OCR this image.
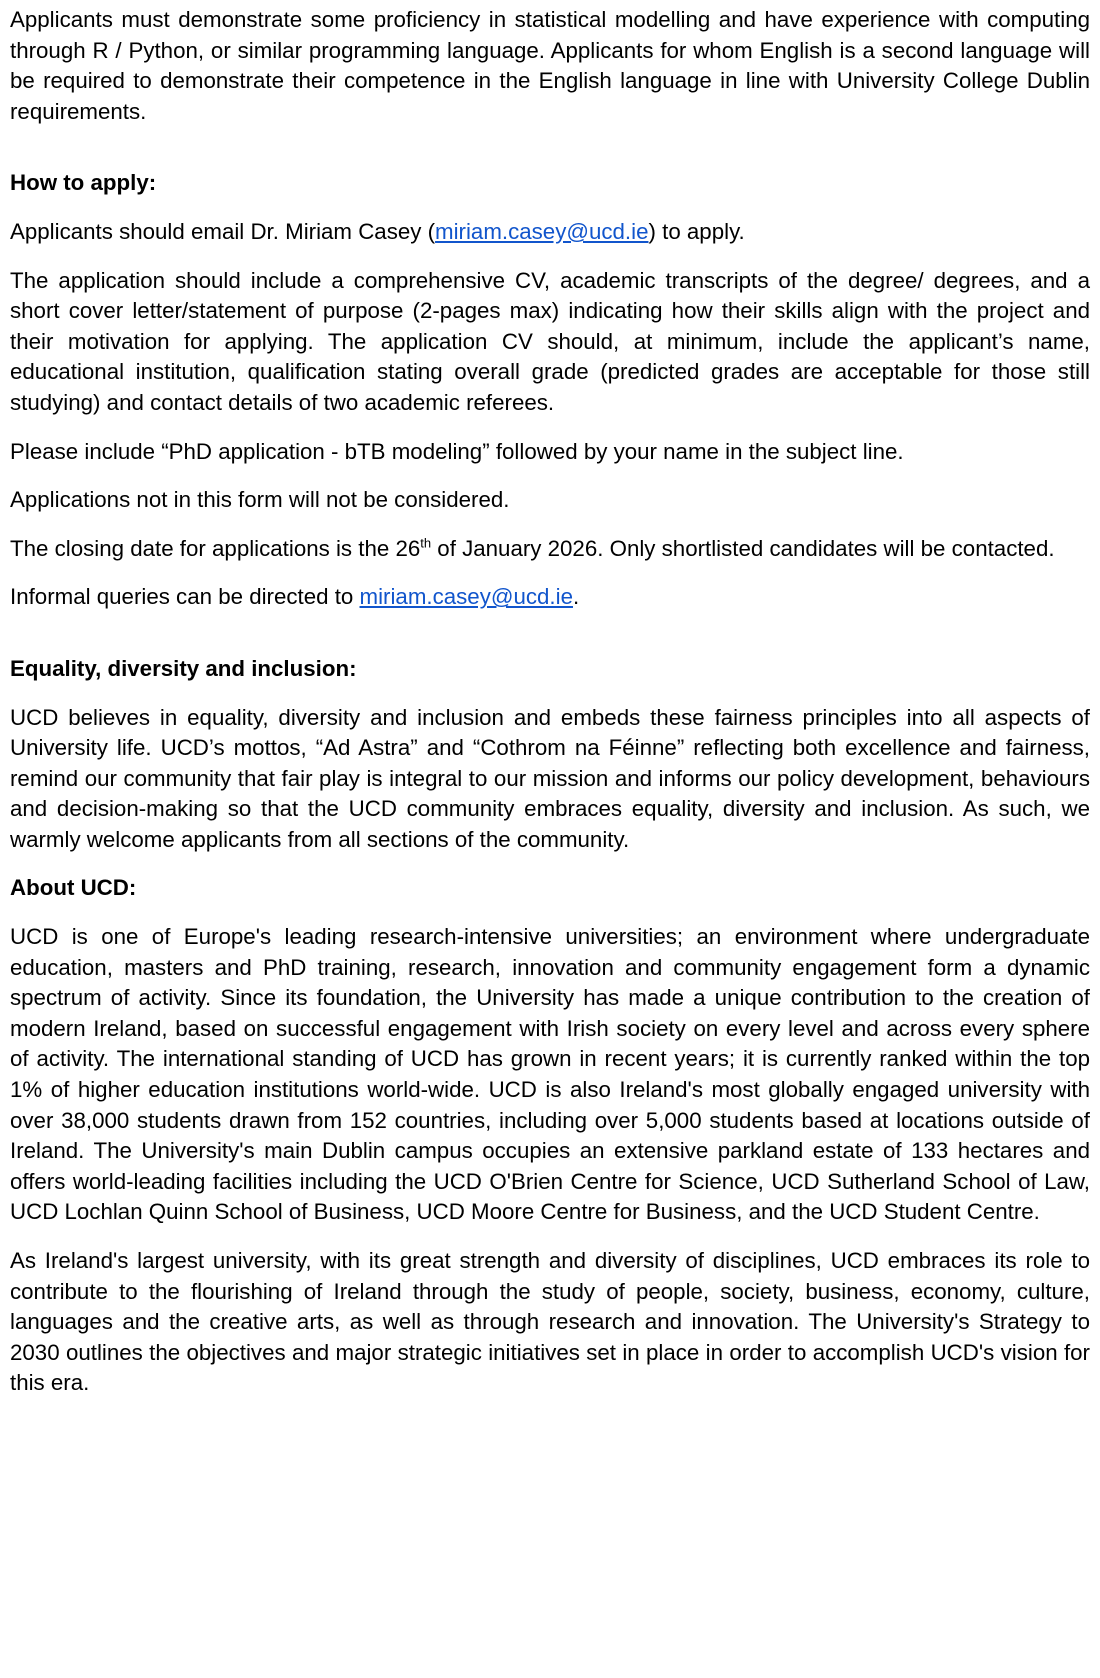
Applicants must demonstrate some proficiency in statistical modelling and have experience with computing through R / Python, or similar programming language. Applicants for whom English is a second language will be required to demonstrate their competence in the English language in line with University College Dublin requirements.

How to apply:

Applicants should email Dr. Miriam Casey (miriam.casey@ucd.ie) to apply.

The application should include a comprehensive CV, academic transcripts of the degree/ degrees, and a short cover letter/statement of purpose (2-pages max) indicating how their skills align with the project and their motivation for applying. The application CV should, at minimum, include the applicant’s name, educational institution, qualification stating overall grade (predicted grades are acceptable for those still studying) and contact details of two academic referees.

Please include “PhD application - bTB modeling” followed by your name in the subject line.

Applications not in this form will not be considered.

The closing date for applications is the 26th of January 2026. Only shortlisted candidates will be contacted.

Informal queries can be directed to miriam.casey@ucd.ie.

Equality, diversity and inclusion:

UCD believes in equality, diversity and inclusion and embeds these fairness principles into all aspects of University life. UCD’s mottos, “Ad Astra” and “Cothrom na Féinne” reflecting both excellence and fairness, remind our community that fair play is integral to our mission and informs our policy development, behaviours and decision-making so that the UCD community embraces equality, diversity and inclusion. As such, we warmly welcome applicants from all sections of the community.

About UCD:

UCD is one of Europe's leading research-intensive universities; an environment where undergraduate education, masters and PhD training, research, innovation and community engagement form a dynamic spectrum of activity. Since its foundation, the University has made a unique contribution to the creation of modern Ireland, based on successful engagement with Irish society on every level and across every sphere of activity. The international standing of UCD has grown in recent years; it is currently ranked within the top 1% of higher education institutions world-wide. UCD is also Ireland's most globally engaged university with over 38,000 students drawn from 152 countries, including over 5,000 students based at locations outside of Ireland. The University's main Dublin campus occupies an extensive parkland estate of 133 hectares and offers world-leading facilities including the UCD O'Brien Centre for Science, UCD Sutherland School of Law, UCD Lochlan Quinn School of Business, UCD Moore Centre for Business, and the UCD Student Centre.

As Ireland's largest university, with its great strength and diversity of disciplines, UCD embraces its role to contribute to the flourishing of Ireland through the study of people, society, business, economy, culture, languages and the creative arts, as well as through research and innovation. The University's Strategy to 2030 outlines the objectives and major strategic initiatives set in place in order to accomplish UCD's vision for this era.
